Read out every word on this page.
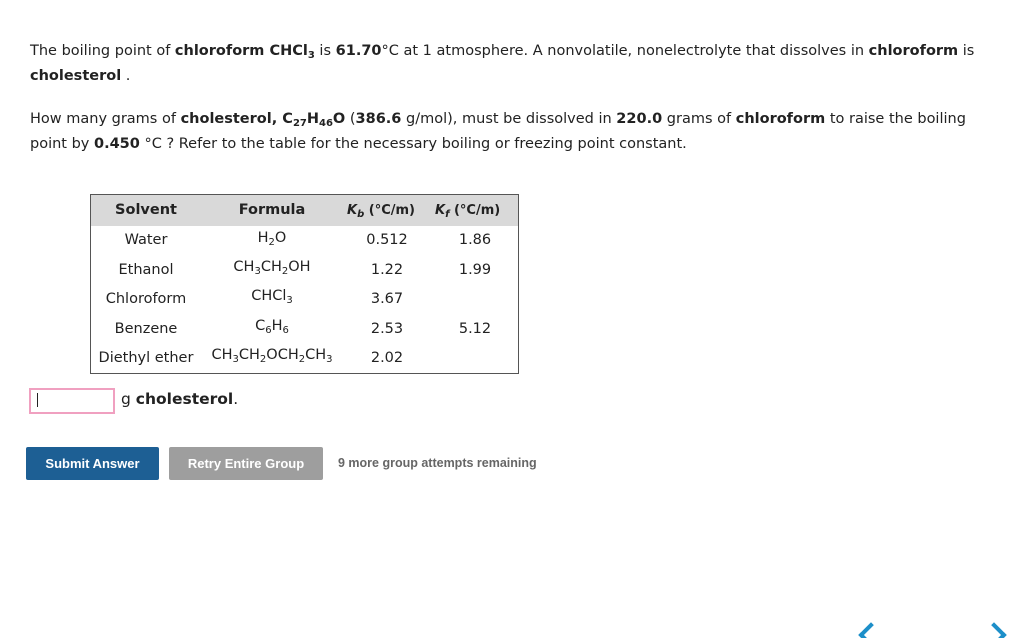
The boiling point of chloroform CHCl$_3$ is 61.70°C at 1 atmosphere. A nonvolatile, nonelectrolyte that dissolves in chloroform is cholesterol .

How many grams of cholesterol, $C_{27}H_{46}O$ (386.6 g/mol), must be dissolved in 220.0 grams of chloroform to raise the boiling point by 0.450 °C ? Refer to the table for the necessary boiling or freezing point constant.

Solvent	Formula	$K_b$ (°C/m) $K_f$ (°C/m)
Water	$H_2O$	0.512	1.86
Ethanol	$CH_3CH_2OH$	1.22	1.99
Chloroform	CHCl$_3$	3.67
Benzene	$C_6H_6$	2.53	5.12
Diethyl ether $CH_3CH_2OCH_2CH_3$	2.02
g cholesterol.
Submit Answer	Retry Entire Group	9 more group attempts remaining
